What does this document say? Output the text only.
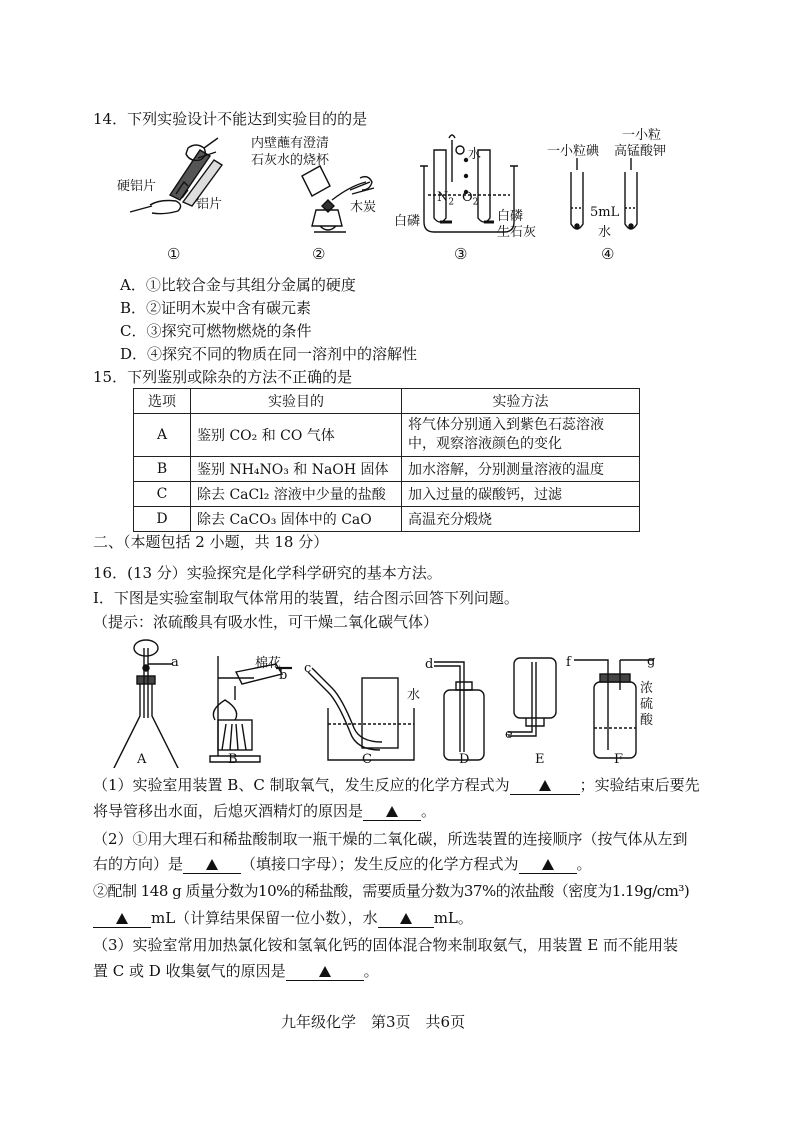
14．下列实验设计不能达到实验目的的是
硬铝片
铝片
①
内壁蘸有澄清
石灰水的烧杯
木炭
②
水
$N_2$ $O_2$
白磷	白磷
生石灰
③
一小粒碘
一小粒
高锰酸钾
5mL
水
④
A．①比较合金与其组分金属的硬度
B．②证明木炭中含有碳元素
C．③探究可燃物燃烧的条件
D．④探究不同的物质在同一溶剂中的溶解性
15．下列鉴别或除杂的方法不正确的是
选项	实验目的	实验方法
A	鉴别 CO₂ 和 CO 气体	将气体分别通入到紫色石蕊溶液
中，观察溶液颜色的变化
B	鉴别 NH₄NO₃ 和 NaOH 固体	加水溶解，分别测量溶液的温度
C	除去 CaCl₂ 溶液中少量的盐酸	加入过量的碳酸钙，过滤
D	除去 CaCO₃ 固体中的 CaO	高温充分煅烧
二、（本题包括 2 小题，共 18 分）
16．(13 分）实验探究是化学科学研究的基本方法。
Ⅰ．下图是实验室制取气体常用的装置，结合图示回答下列问题。
（提示：浓硫酸具有吸水性，可干燥二氧化碳气体）
a	棉花
b c
水
d
e
f	g
浓
硫
酸
A	B	C	D	E	F
（1）实验室用装置 B、C 制取氧气，发生反应的化学方程式为	；实验结束后要先
将导管移出水面，后熄灭酒精灯的原因是	。
（2）①用大理石和稀盐酸制取一瓶干燥的二氧化碳，所选装置的连接顺序（按气体从左到
右的方向）是	（填接口字母）；发生反应的化学方程式为	。
②配制 148 g 质量分数为10%的稀盐酸，需要质量分数为37%的浓盐酸（密度为1.19g/cm³)
mL（计算结果保留一位小数），水	mL。
（3）实验室常用加热氯化铵和氢氧化钙的固体混合物来制取氨气，用装置 E 而不能用装
置 C 或 D 收集氨气的原因是	。
九年级化学　第3页　共6页
